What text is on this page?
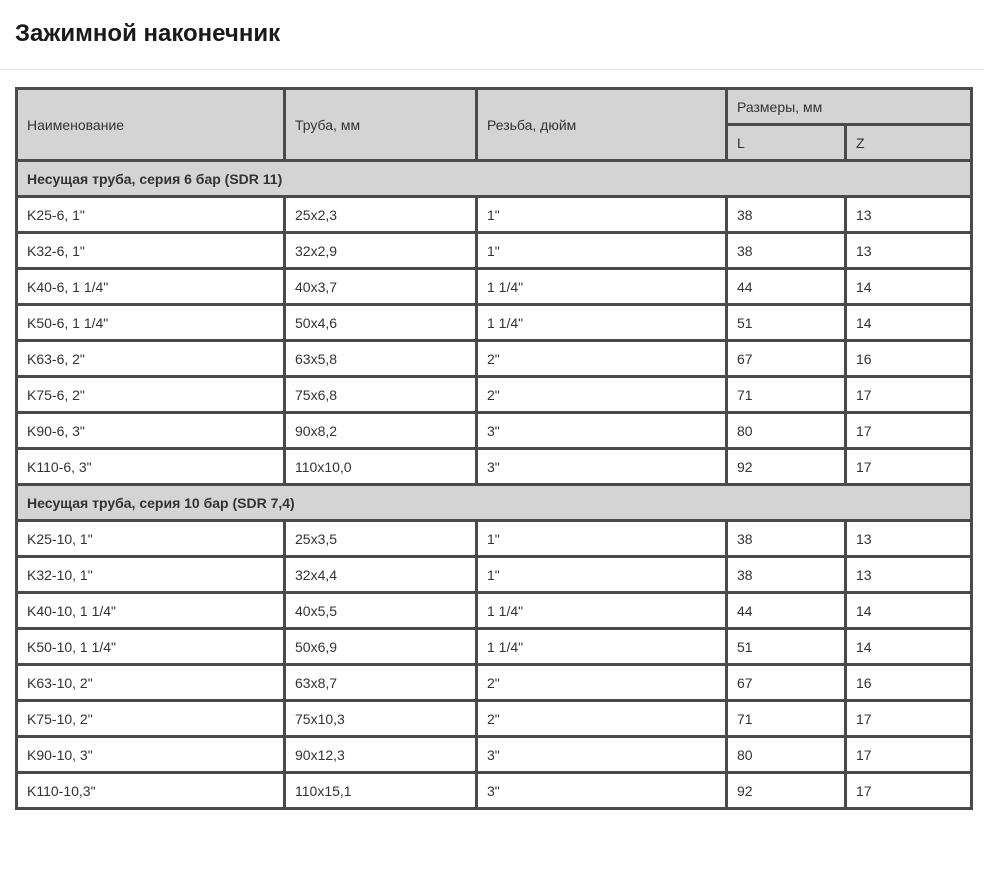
Зажимной наконечник
Наименование	Труба, мм	Резьба, дюйм	Размеры, мм	
			L	Z
Несущая труба, серия 6 бар (SDR 11)				
K25-6, 1"	25x2,3	1"	38	13
K32-6, 1"	32x2,9	1"	38	13
K40-6, 1 1/4"	40x3,7	1 1/4"	44	14
K50-6, 1 1/4"	50x4,6	1 1/4"	51	14
K63-6, 2"	63x5,8	2"	67	16
K75-6, 2"	75x6,8	2"	71	17
K90-6, 3"	90x8,2	3"	80	17
K110-6, 3"	110x10,0	3"	92	17
Несущая труба, серия 10 бар (SDR 7,4)				
K25-10, 1"	25x3,5	1"	38	13
K32-10, 1"	32x4,4	1"	38	13
K40-10, 1 1/4"	40x5,5	1 1/4"	44	14
K50-10, 1 1/4"	50x6,9	1 1/4"	51	14
K63-10, 2"	63x8,7	2"	67	16
K75-10, 2"	75x10,3	2"	71	17
K90-10, 3"	90x12,3	3"	80	17
K110-10,3"	110x15,1	3"	92	17
